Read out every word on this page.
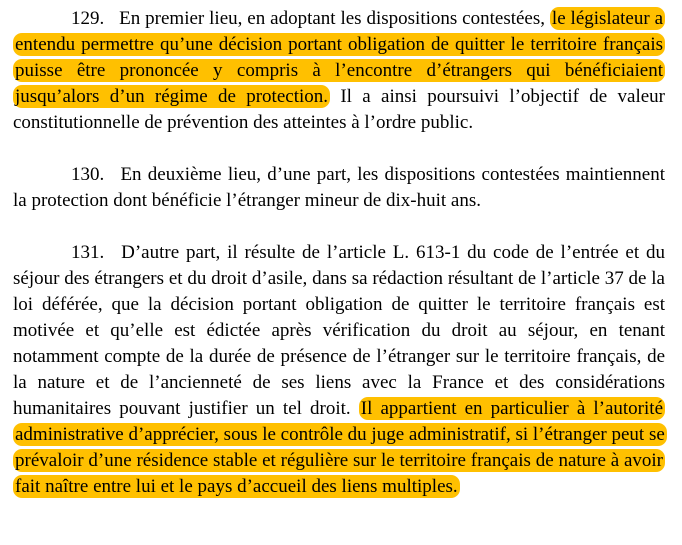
129. En premier lieu, en adoptant les dispositions contestées, le législateur a entendu permettre qu’une décision portant obligation de quitter le territoire français puisse être prononcée y compris à l’encontre d’étrangers qui bénéficiaient jusqu’alors d’un régime de protection. Il a ainsi poursuivi l’objectif de valeur constitutionnelle de prévention des atteintes à l’ordre public.

130. En deuxième lieu, d’une part, les dispositions contestées maintiennent la protection dont bénéficie l’étranger mineur de dix-huit ans.

131. D’autre part, il résulte de l’article L. 613-1 du code de l’entrée et du séjour des étrangers et du droit d’asile, dans sa rédaction résultant de l’article 37 de la loi déférée, que la décision portant obligation de quitter le territoire français est motivée et qu’elle est édictée après vérification du droit au séjour, en tenant notamment compte de la durée de présence de l’étranger sur le territoire français, de la nature et de l’ancienneté de ses liens avec la France et des considérations humanitaires pouvant justifier un tel droit. Il appartient en particulier à l’autorité administrative d’apprécier, sous le contrôle du juge administratif, si l’étranger peut se prévaloir d’une résidence stable et régulière sur le territoire français de nature à avoir fait naître entre lui et le pays d’accueil des liens multiples.
